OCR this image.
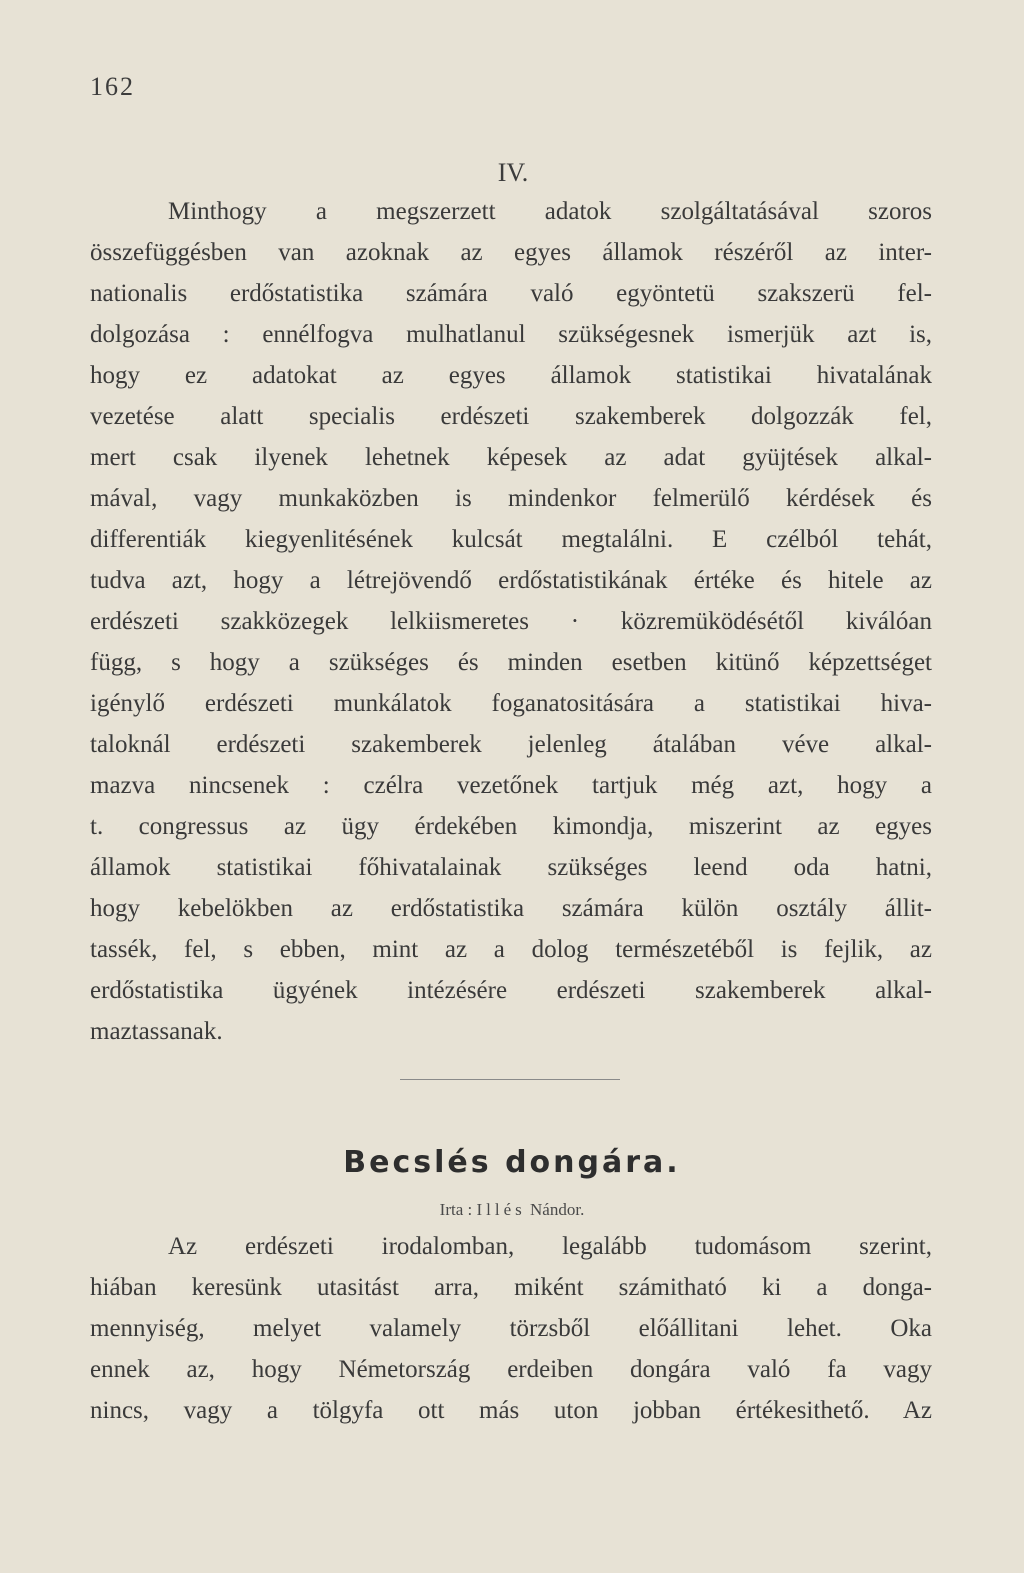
162
IV.
Minthogy a megszerzett adatok szolgáltatásával szoros
összefüggésben van azoknak az egyes államok részéről az inter-
nationalis erdőstatistika számára való egyöntetü szakszerü fel-
dolgozása : ennélfogva mulhatlanul szükségesnek ismerjük azt is,
hogy ez adatokat az egyes államok statistikai hivatalának
vezetése alatt specialis erdészeti szakemberek dolgozzák fel,
mert csak ilyenek lehetnek képesek az adat gyüjtések alkal-
mával, vagy munkaközben is mindenkor felmerülő kérdések és
differentiák kiegyenlitésének kulcsát megtalálni. E czélból tehát,
tudva azt, hogy a létrejövendő erdőstatistikának értéke és hitele az
erdészeti szakközegek lelkiismeretes · közremüködésétől kiválóan
függ, s hogy a szükséges és minden esetben kitünő képzettséget
igénylő erdészeti munkálatok foganatositására a statistikai hiva-
taloknál erdészeti szakemberek jelenleg átalában véve alkal-
mazva nincsenek : czélra vezetőnek tartjuk még azt, hogy a
t. congressus az ügy érdekében kimondja, miszerint az egyes
államok statistikai főhivatalainak szükséges leend oda hatni,
hogy kebelökben az erdőstatistika számára külön osztály állit-
tassék, fel, s ebben, mint az a dolog természetéből is fejlik, az
erdőstatistika ügyének intézésére erdészeti szakemberek alkal-
maztassanak.
Becslés dongára.
Irta : Illés Nándor.
Az erdészeti irodalomban, legalább tudomásom szerint,
hiában keresünk utasitást arra, miként számitható ki a donga-
mennyiség, melyet valamely törzsből előállitani lehet. Oka
ennek az, hogy Németország erdeiben dongára való fa vagy
nincs, vagy a tölgyfa ott más uton jobban értékesithető. Az
